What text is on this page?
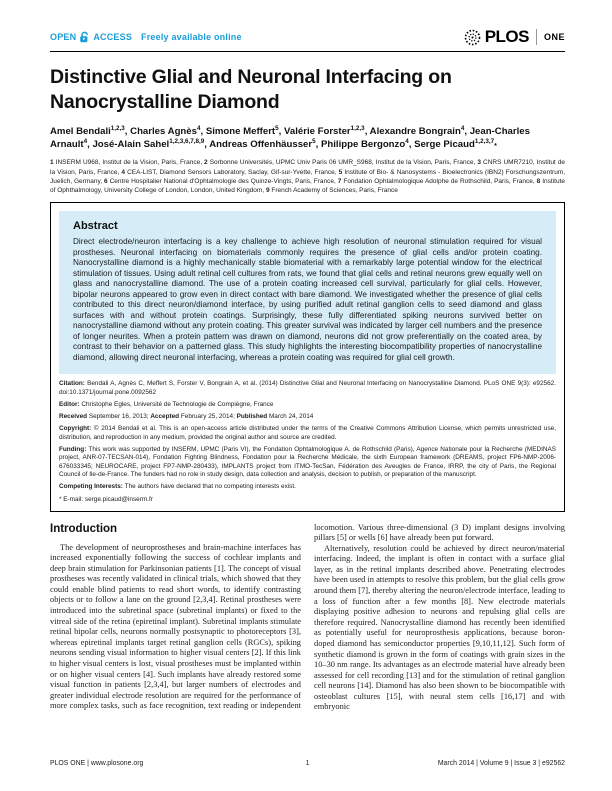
OPEN ACCESS Freely available online	PLOS ONE
Distinctive Glial and Neuronal Interfacing on Nanocrystalline Diamond

Amel Bendali$^{1,2,3}$, Charles Agnès$^4$, Simone Meffert$^5$, Valérie Forster$^{1,2,3}$, Alexandre Bongrain$^4$, Jean-Charles Arnault$^4$, José-Alain Sahel$^{1,2,3,6,7,8,9}$, Andreas Offenhäusser$^5$, Philippe Bergonzo$^4$, Serge Picaud$^{1,2,3,7}$*

1 INSERM U968, Institut de la Vision, Paris, France, 2 Sorbonne Universités, UPMC Univ Paris 06 UMR_S968, Institut de la Vision, Paris, France, 3 CNRS UMR7210, Institut de la Vision, Paris, France, 4 CEA-LIST, Diamond Sensors Laboratory, Saclay, Gif-sur-Yvette, France, 5 Institute of Bio- & Nanosystems - Bioelectronics (IBN2) Forschungszentrum, Juelich, Germany, 6 Centre Hospitalier National d'Ophtalmologie des Quinze-Vingts, Paris, France, 7 Fondation Ophtalmologique Adolphe de Rothschild, Paris, France, 8 Institute of Ophthalmology, University College of London, London, United Kingdom, 9 French Academy of Sciences, Paris, France

Abstract

Direct electrode/neuron interfacing is a key challenge to achieve high resolution of neuronal stimulation required for visual prostheses. Neuronal interfacing on biomaterials commonly requires the presence of glial cells and/or protein coating. Nanocrystalline diamond is a highly mechanically stable biomaterial with a remarkably large potential window for the electrical stimulation of tissues. Using adult retinal cell cultures from rats, we found that glial cells and retinal neurons grew equally well on glass and nanocrystalline diamond. The use of a protein coating increased cell survival, particularly for glial cells. However, bipolar neurons appeared to grow even in direct contact with bare diamond. We investigated whether the presence of glial cells contributed to this direct neuron/diamond interface, by using purified adult retinal ganglion cells to seed diamond and glass surfaces with and without protein coatings. Surprisingly, these fully differentiated spiking neurons survived better on nanocrystalline diamond without any protein coating. This greater survival was indicated by larger cell numbers and the presence of longer neurites. When a protein pattern was drawn on diamond, neurons did not grow preferentially on the coated area, by contrast to their behavior on a patterned glass. This study highlights the interesting biocompatibility properties of nanocrystalline diamond, allowing direct neuronal interfacing, whereas a protein coating was required for glial cell growth.

Citation: Bendali A, Agnès C, Meffert S, Forster V, Bongrain A, et al. (2014) Distinctive Glial and Neuronal Interfacing on Nanocrystalline Diamond. PLoS ONE 9(3): e92562. doi:10.1371/journal.pone.0092562

Editor: Christophe Egles, Université de Technologie de Compiègne, France

Received September 16, 2013; Accepted February 25, 2014; Published March 24, 2014

Copyright: © 2014 Bendali et al. This is an open-access article distributed under the terms of the Creative Commons Attribution License, which permits unrestricted use, distribution, and reproduction in any medium, provided the original author and source are credited.

Funding: This work was supported by INSERM, UPMC (Paris VI), the Fondation Ophtalmologique A. de Rothschild (Paris), Agence Nationale pour la Recherche (MEDINAS project, ANR-07-TECSAN-014), Fondation Fighting Blindness, Fondation pour la Recherche Médicale, the sixth European framework (DREAMS, project FP6-NMP-2006-676033345; NEUROCARE, project FP7-NMP-280433), IMPLANTS project from ITMO-TecSan, Fédération des Aveugles de France, IRRP, the city of Paris, the Regional Council of Ile-de-France. The funders had no role in study design, data collection and analysis, decision to publish, or preparation of the manuscript.

Competing Interests: The authors have declared that no competing interests exist.

* E-mail: serge.picaud@inserm.fr

Introduction

The development of neuroprostheses and brain-machine interfaces has increased exponentially following the success of cochlear implants and deep brain stimulation for Parkinsonian patients [1]. The concept of visual prostheses was recently validated in clinical trials, which showed that they could enable blind patients to read short words, to identify contrasting objects or to follow a lane on the ground [2,3,4]. Retinal prostheses were introduced into the subretinal space (subretinal implants) or fixed to the vitreal side of the retina (epiretinal implant). Subretinal implants stimulate retinal bipolar cells, neurons normally postsynaptic to photoreceptors [3], whereas epiretinal implants target retinal ganglion cells (RGCs), spiking neurons sending visual information to higher visual centers [2]. If this link to higher visual centers is lost, visual prostheses must be implanted within or on higher visual centers [4]. Such implants have already restored some visual function in patients [2,3,4], but larger numbers of electrodes and greater individual electrode resolution are required for the performance of more complex tasks, such as face recognition, text reading or independent locomotion. Various three-dimensional (3 D) implant designs involving pillars [5] or wells [6] have already been put forward.

Alternatively, resolution could be achieved by direct neuron/material interfacing. Indeed, the implant is often in contact with a surface glial layer, as in the retinal implants described above. Penetrating electrodes have been used in attempts to resolve this problem, but the glial cells grow around them [7], thereby altering the neuron/electrode interface, leading to a loss of function after a few months [8]. New electrode materials displaying positive adhesion to neurons and repulsing glial cells are therefore required. Nanocrystalline diamond has recently been identified as potentially useful for neuroprosthesis applications, because boron-doped diamond has semiconductor properties [9,10,11,12]. Such form of synthetic diamond is grown in the form of coatings with grain sizes in the 10–30 nm range. Its advantages as an electrode material have already been assessed for cell recording [13] and for the stimulation of retinal ganglion cell neurons [14]. Diamond has also been shown to be biocompatible with osteoblast cultures [15], with neural stem cells [16,17] and with embryonic

PLOS ONE | www.plosone.org	1	March 2014 | Volume 9 | Issue 3 | e92562
